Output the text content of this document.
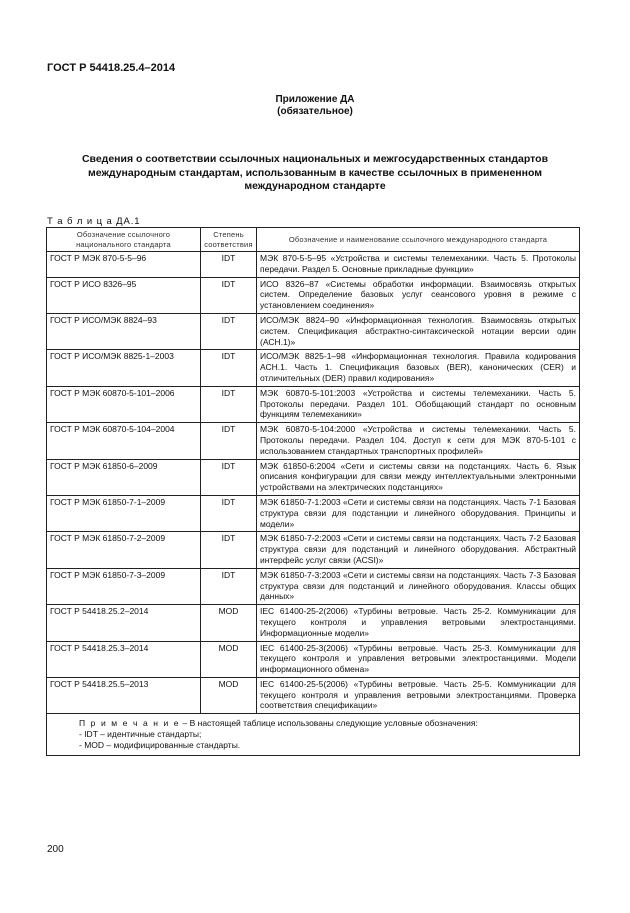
ГОСТ Р 54418.25.4–2014
Приложение ДА
(обязательное)
Сведения о соответствии ссылочных национальных и межгосударственных стандартов международным стандартам, использованным в качестве ссылочных в примененном международном стандарте
Т а б л и ц а ДА.1
Обозначение ссылочного национального стандарта	Степень соответствия	Обозначение и наименование ссылочного международного стандарта
ГОСТ Р МЭК 870-5-5–96	IDT	МЭК 870-5-5–95 «Устройства и системы телемеханики. Часть 5. Протоколы передачи. Раздел 5. Основные прикладные функции»
ГОСТ Р ИСО 8326–95	IDT	ИСО 8326–87 «Системы обработки информации. Взаимосвязь открытых систем. Определение базовых услуг сеансового уровня в режиме с установлением соединения»
ГОСТ Р ИСО/МЭК 8824–93	IDT	ИСО/МЭК 8824–90 «Информационная технология. Взаимосвязь открытых систем. Спецификация абстрактно-синтаксической нотации версии один (АСН.1)»
ГОСТ Р ИСО/МЭК 8825-1–2003	IDT	ИСО/МЭК 8825-1–98 «Информационная технология. Правила кодирования АСН.1. Часть 1. Спецификация базовых (BER), канонических (CER) и отличительных (DER) правил кодирования»
ГОСТ Р МЭК 60870-5-101–2006	IDT	МЭК 60870-5-101:2003 «Устройства и системы телемеханики. Часть 5. Протоколы передачи. Раздел 101. Обобщающий стандарт по основным функциям телемеханики»
ГОСТ Р МЭК 60870-5-104–2004	IDT	МЭК 60870-5-104:2000 «Устройства и системы телемеханики. Часть 5. Протоколы передачи. Раздел 104. Доступ к сети для МЭК 870-5-101 с использованием стандартных транспортных профилей»
ГОСТ Р МЭК 61850-6–2009	IDT	МЭК 61850-6:2004 «Сети и системы связи на подстанциях. Часть 6. Язык описания конфигурации для связи между интеллектуальными электронными устройствами на электрических подстанциях»
ГОСТ Р МЭК 61850-7-1–2009	IDT	МЭК 61850-7-1:2003 «Сети и системы связи на подстанциях. Часть 7-1 Базовая структура связи для подстанции и линейного оборудования. Принципы и модели»
ГОСТ Р МЭК 61850-7-2–2009	IDT	МЭК 61850-7-2:2003 «Сети и системы связи на подстанциях. Часть 7-2 Базовая структура связи для подстанций и линейного оборудования. Абстрактный интерфейс услуг связи (ACSI)»
ГОСТ Р МЭК 61850-7-3–2009	IDT	МЭК 61850-7-3:2003 «Сети и системы связи на подстанциях. Часть 7-3 Базовая структура связи для подстанций и линейного оборудования. Классы общих данных»
ГОСТ Р 54418.25.2–2014	MOD	IEC 61400-25-2(2006) «Турбины ветровые. Часть 25-2. Коммуникации для текущего контроля и управления ветровыми электростанциями. Информационные модели»
ГОСТ Р 54418.25.3–2014	MOD	IEC 61400-25-3(2006) «Турбины ветровые. Часть 25-3. Коммуникации для текущего контроля и управления ветровыми электростанциями. Модели информационного обмена»
ГОСТ Р 54418.25.5–2013	MOD	IEC 61400-25-5(2006) «Турбины ветровые. Часть 25-5. Коммуникации для текущего контроля и управления ветровыми электростанциями. Проверка соответствия спецификации»

П р и м е ч а н и е – В настоящей таблице использованы следующие условные обозначения:
- IDT – идентичные стандарты;
- MOD – модифицированные стандарты.		
200
